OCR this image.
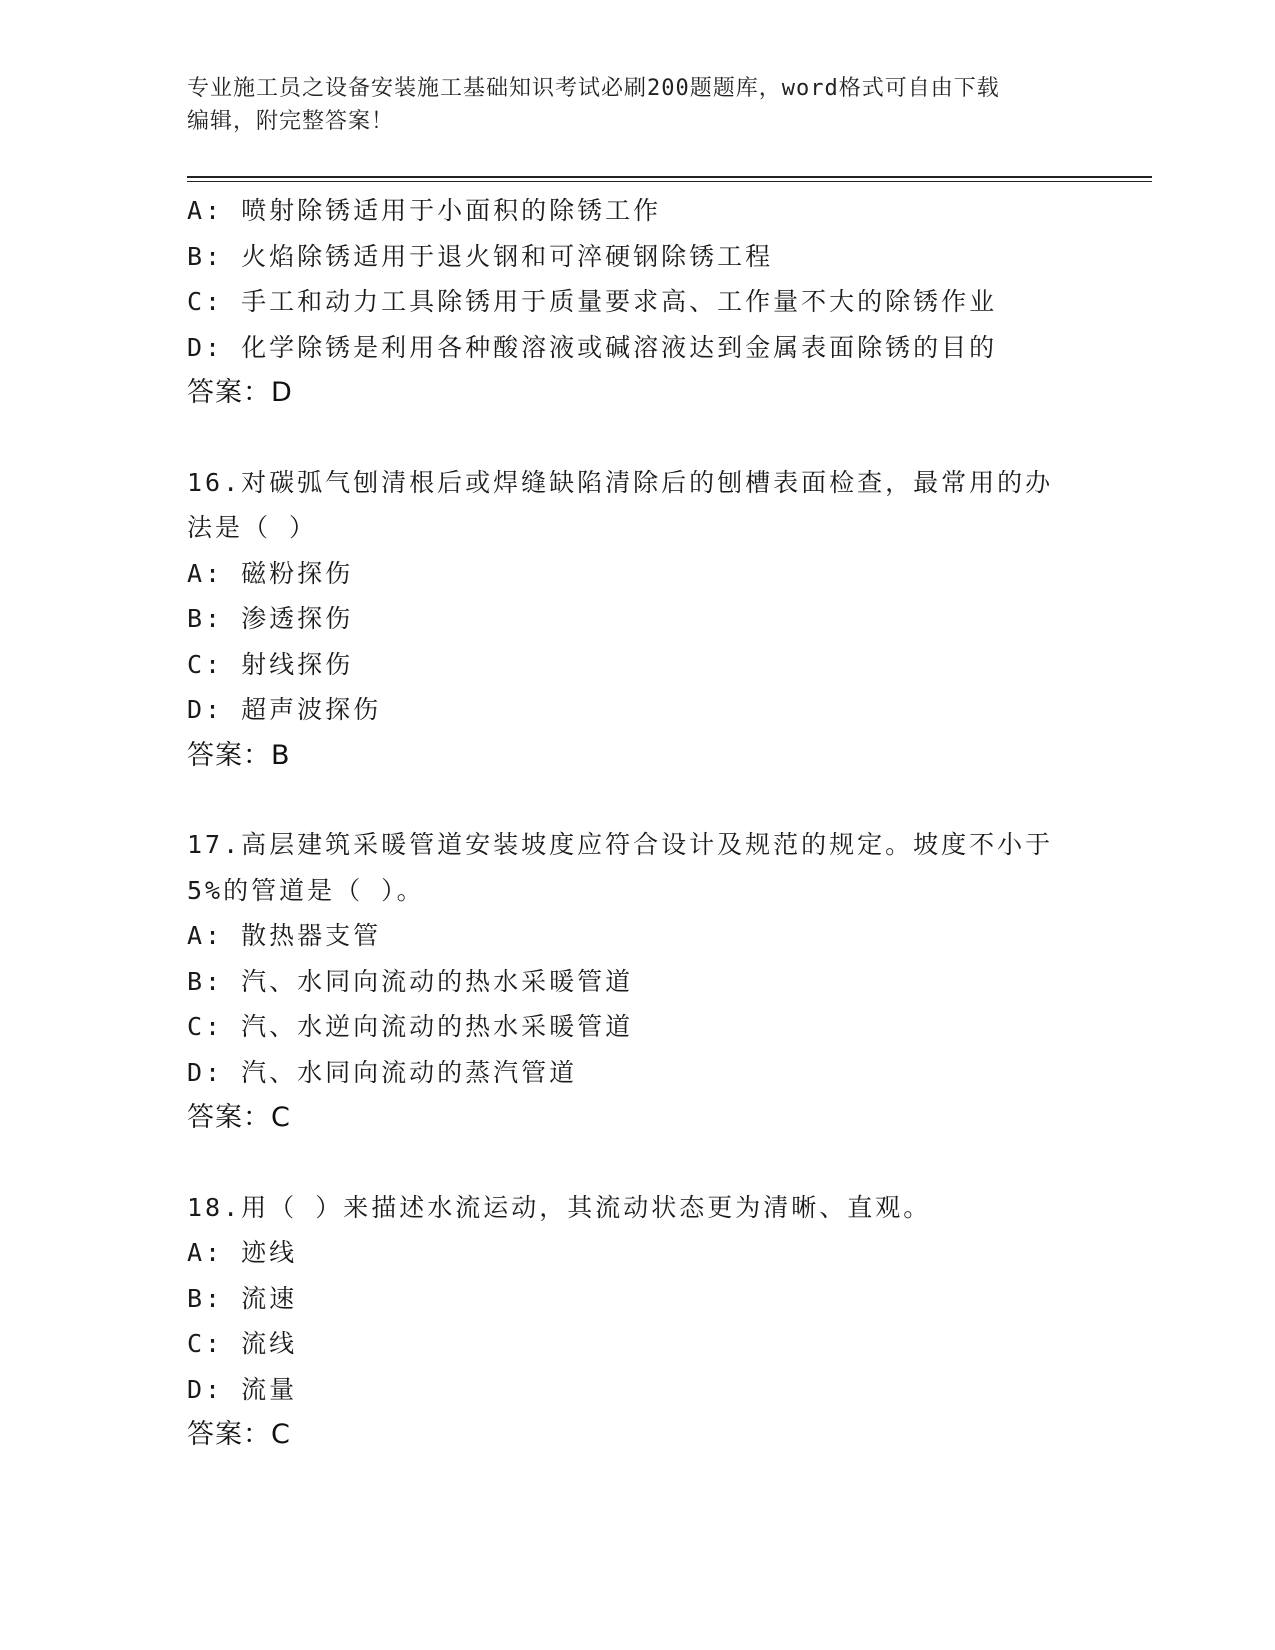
专业施工员之设备安装施工基础知识考试必刷200题题库，word格式可自由下载
编辑，附完整答案！
A: 喷射除锈适用于小面积的除锈工作
B: 火焰除锈适用于退火钢和可淬硬钢除锈工程
C: 手工和动力工具除锈用于质量要求高、工作量不大的除锈作业
D: 化学除锈是利用各种酸溶液或碱溶液达到金属表面除锈的目的
答案：D
16.对碳弧气刨清根后或焊缝缺陷清除后的刨槽表面检查，最常用的办
法是（ ）
A: 磁粉探伤
B: 渗透探伤
C: 射线探伤
D: 超声波探伤
答案：B
17.高层建筑采暖管道安装坡度应符合设计及规范的规定。坡度不小于
5%的管道是（ ）。
A: 散热器支管
B: 汽、水同向流动的热水采暖管道
C: 汽、水逆向流动的热水采暖管道
D: 汽、水同向流动的蒸汽管道
答案：C
18.用（ ）来描述水流运动，其流动状态更为清晰、直观。
A: 迹线
B: 流速
C: 流线
D: 流量
答案：C
